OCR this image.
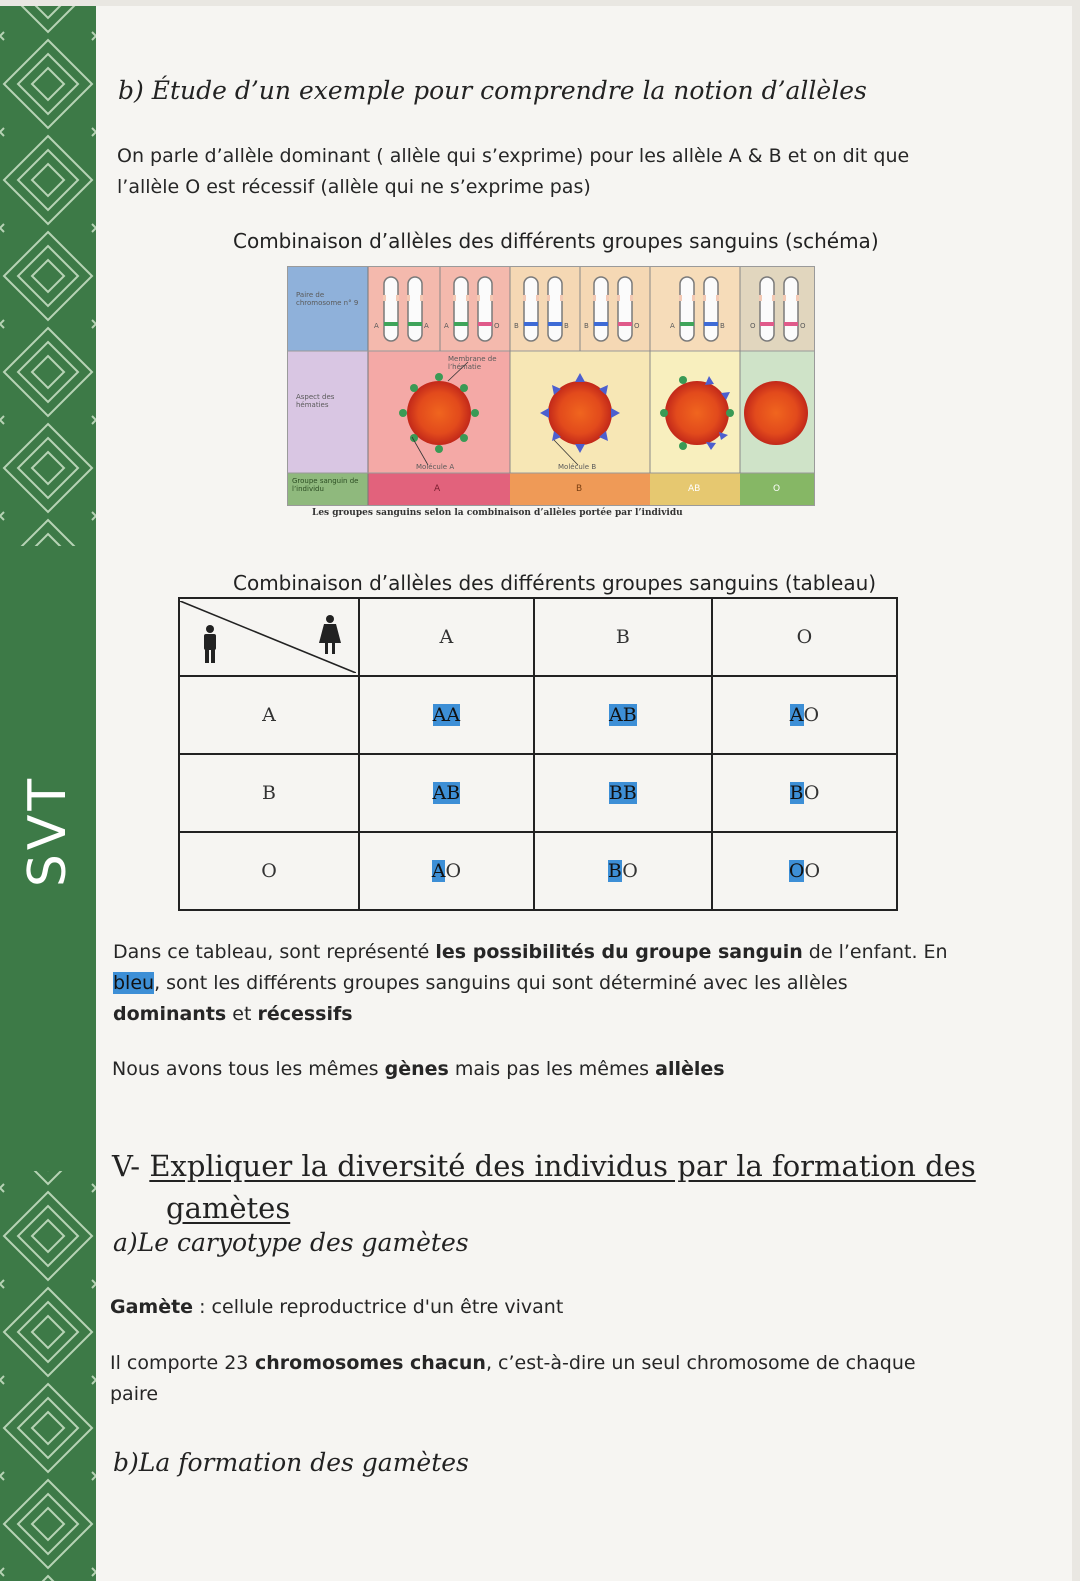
SVT
b) Étude d’un exemple pour comprendre la notion d’allèles
On parle d’allèle dominant ( allèle qui s’exprime) pour les allèle A & B et on dit que
l’allèle O est récessif (allèle qui ne s’exprime pas)
Combinaison d’allèles des différents groupes sanguins (schéma)
Paire de chromosome n° 9
Aspect des hématies
Groupe sanguin de l’individu
Membrane de l’hématie
Molécule A	Molécule B
A	A A	O B	B B	O	A	B	O	O
A	B	AB	O
Les groupes sanguins selon la combinaison d’allèles portée par l’individu
Combinaison d’allèles des différents groupes sanguins (tableau)
	A	B	O
A	AA	AB	AO
B	AB	BB	BO
O	AO	BO	OO
Dans ce tableau, sont représenté les possibilités du groupe sanguin de l’enfant. En
bleu, sont les différents groupes sanguins qui sont déterminé avec les allèles
dominants et récessifs
Nous avons tous les mêmes gènes mais pas les mêmes allèles
V- Expliquer la diversité des individus par la formation des
gamètes
a)Le caryotype des gamètes
Gamète : cellule reproductrice d'un être vivant
Il comporte 23 chromosomes chacun, c’est-à-dire un seul chromosome de chaque
paire
b)La formation des gamètes
